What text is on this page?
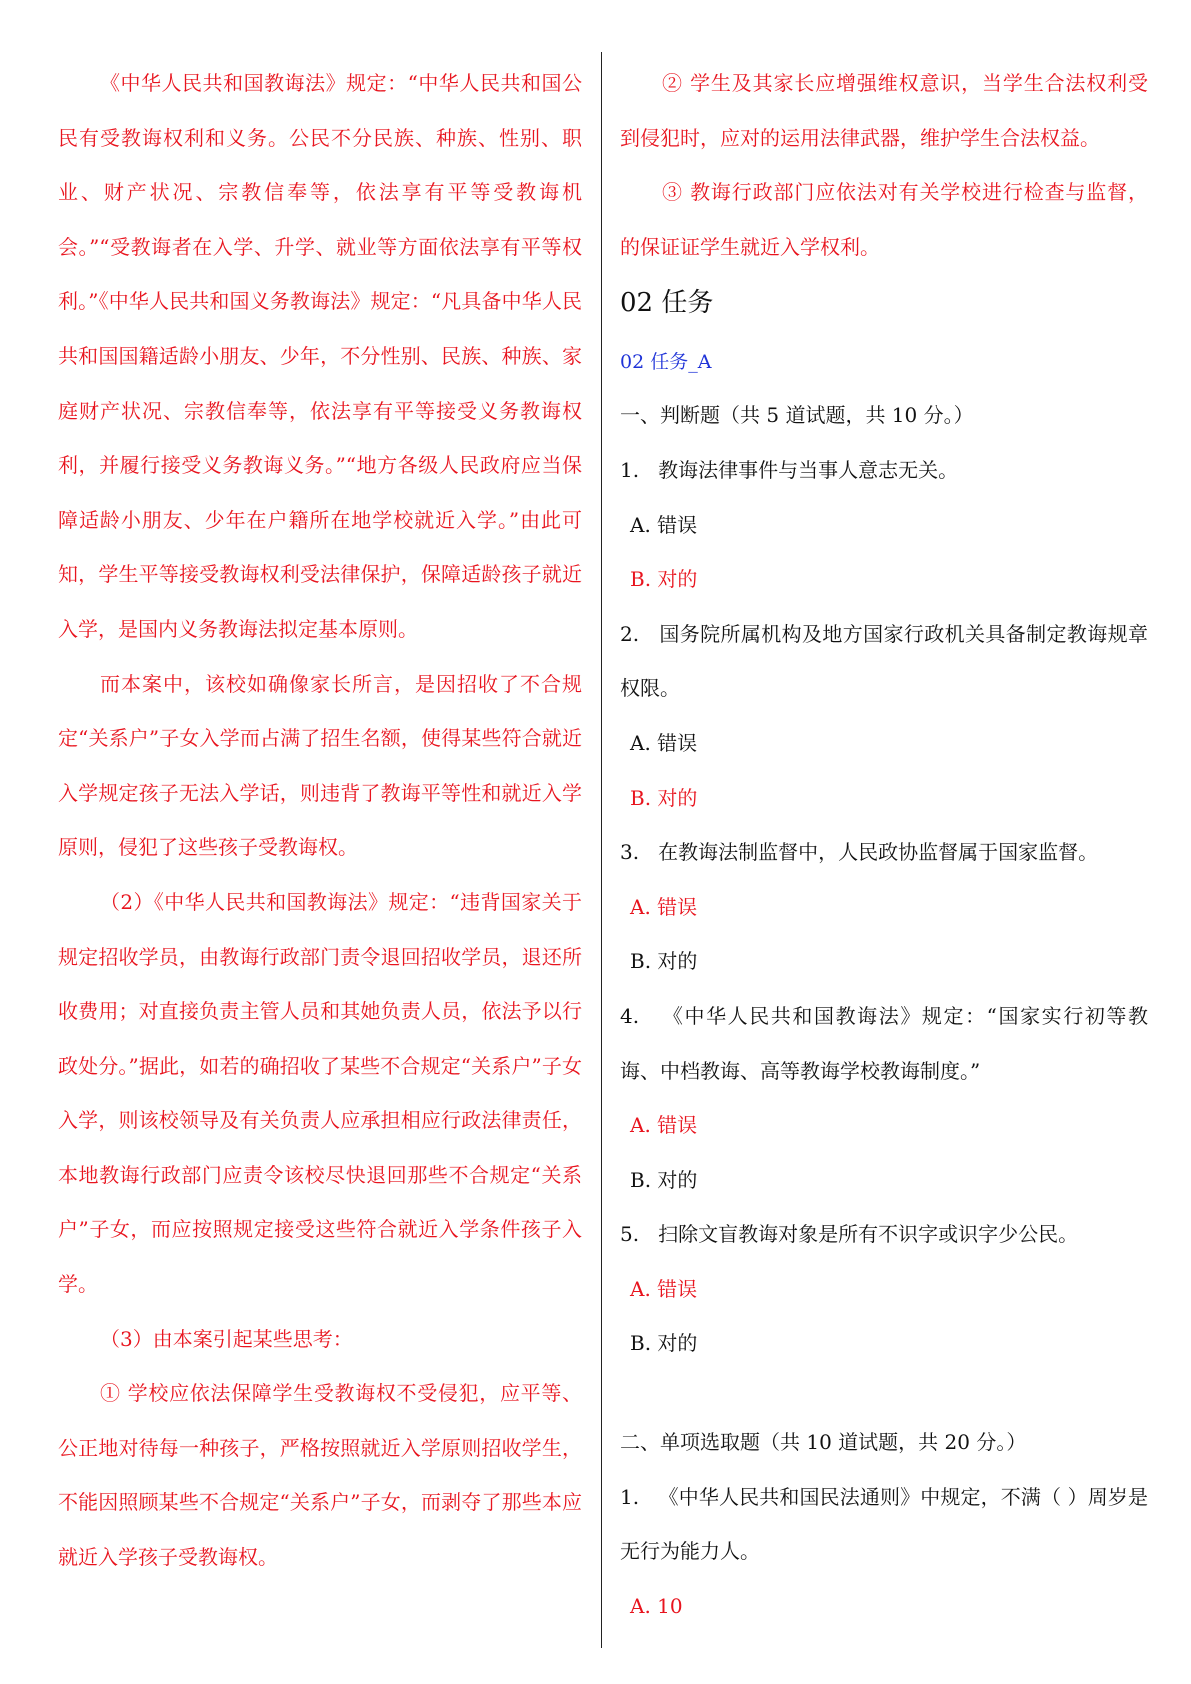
《中华人民共和国教诲法》规定：“中华人民共和国公民有受教诲权利和义务。公民不分民族、种族、性别、职业、财产状况、宗教信奉等，依法享有平等受教诲机会。”“受教诲者在入学、升学、就业等方面依法享有平等权利。”《中华人民共和国义务教诲法》规定：“凡具备中华人民共和国国籍适龄小朋友、少年，不分性别、民族、种族、家庭财产状况、宗教信奉等，依法享有平等接受义务教诲权利，并履行接受义务教诲义务。”“地方各级人民政府应当保障适龄小朋友、少年在户籍所在地学校就近入学。”由此可知，学生平等接受教诲权利受法律保护，保障适龄孩子就近入学，是国内义务教诲法拟定基本原则。

而本案中，该校如确像家长所言，是因招收了不合规定“关系户”子女入学而占满了招生名额，使得某些符合就近入学规定孩子无法入学话，则违背了教诲平等性和就近入学原则，侵犯了这些孩子受教诲权。

（2）《中华人民共和国教诲法》规定：“违背国家关于规定招收学员，由教诲行政部门责令退回招收学员，退还所收费用；对直接负责主管人员和其她负责人员，依法予以行政处分。”据此，如若的确招收了某些不合规定“关系户”子女入学，则该校领导及有关负责人应承担相应行政法律责任，本地教诲行政部门应责令该校尽快退回那些不合规定“关系户”子女，而应按照规定接受这些符合就近入学条件孩子入学。

（3）由本案引起某些思考：

① 学校应依法保障学生受教诲权不受侵犯，应平等、公正地对待每一种孩子，严格按照就近入学原则招收学生，不能因照顾某些不合规定“关系户”子女，而剥夺了那些本应就近入学孩子受教诲权。

② 学生及其家长应增强维权意识，当学生合法权利受到侵犯时，应对的运用法律武器，维护学生合法权益。

③ 教诲行政部门应依法对有关学校进行检查与监督，的保证证学生就近入学权利。

02 任务

02 任务_A

一、判断题（共 5 道试题，共 10 分。）

1. 教诲法律事件与当事人意志无关。

A. 错误

B. 对的

2. 国务院所属机构及地方国家行政机关具备制定教诲规章权限。

A. 错误

B. 对的

3. 在教诲法制监督中，人民政协监督属于国家监督。

A. 错误

B. 对的

4. 《中华人民共和国教诲法》规定：“国家实行初等教诲、中档教诲、高等教诲学校教诲制度。”

A. 错误

B. 对的

5. 扫除文盲教诲对象是所有不识字或识字少公民。

A. 错误

B. 对的

二、单项选取题（共 10 道试题，共 20 分。）

1. 《中华人民共和国民法通则》中规定，不满（ ）周岁是无行为能力人。

A. 10
